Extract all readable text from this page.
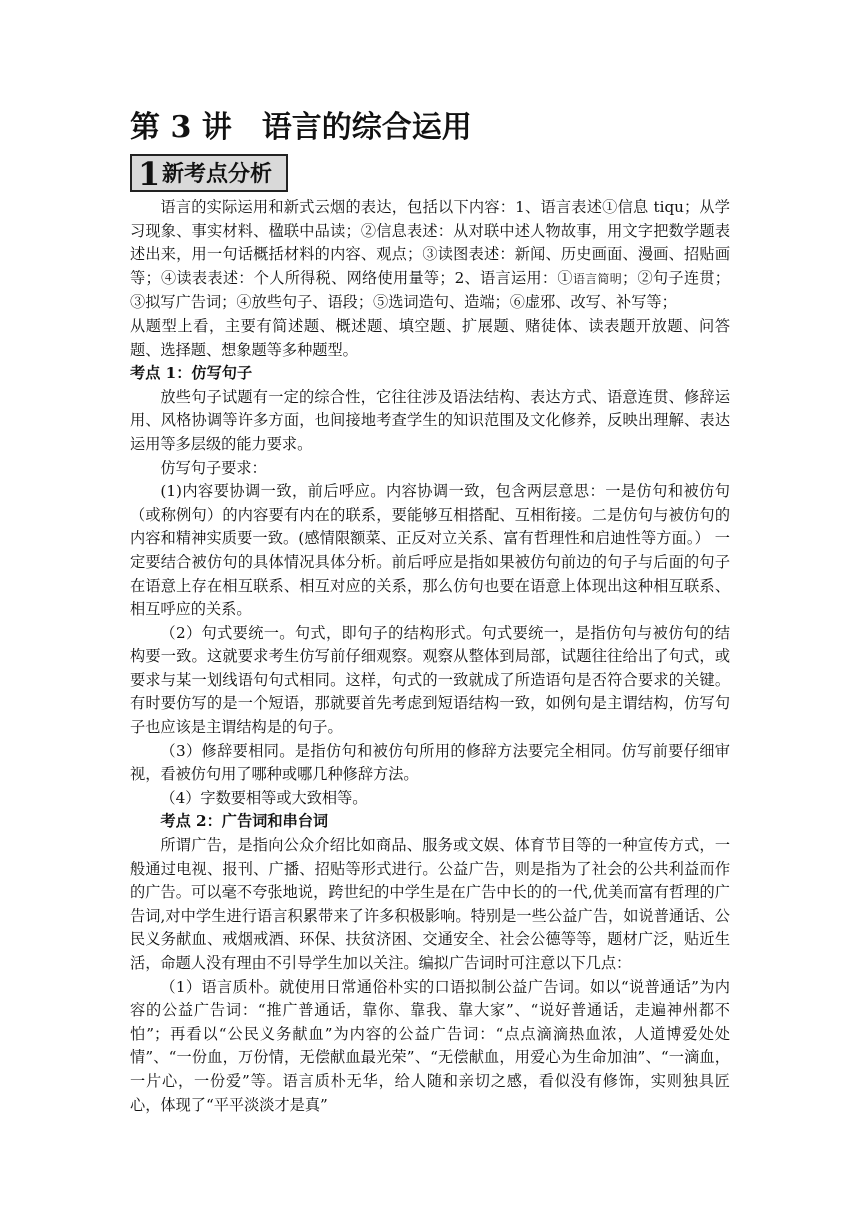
第 3 讲　语言的综合运用
1 新考点分析

语言的实际运用和新式云烟的表达，包括以下内容：1、语言表述①信息 tiqu；从学习现象、事实材料、楹联中品读；②信息表述：从对联中述人物故事，用文字把数学题表述出来，用一句话概括材料的内容、观点；③读图表述：新闻、历史画面、漫画、招贴画等；④读表表述：个人所得税、网络使用量等；2、语言运用：①语言简明；②句子连贯；③拟写广告词；④放些句子、语段；⑤选词造句、造端；⑥虚邪、改写、补写等；

从题型上看，主要有简述题、概述题、填空题、扩展题、赌徒体、读表题开放题、问答题、选择题、想象题等多种题型。

考点 1：仿写句子

放些句子试题有一定的综合性，它往往涉及语法结构、表达方式、语意连贯、修辞运用、风格协调等许多方面，也间接地考查学生的知识范围及文化修养，反映出理解、表达运用等多层级的能力要求。

仿写句子要求：

(1)内容要协调一致，前后呼应。内容协调一致，包含两层意思：一是仿句和被仿句（或称例句）的内容要有内在的联系，要能够互相搭配、互相衔接。二是仿句与被仿句的内容和精神实质要一致。(感情限额菜、正反对立关系、富有哲理性和启迪性等方面。） 一定要结合被仿句的具体情况具体分析。前后呼应是指如果被仿句前边的句子与后面的句子在语意上存在相互联系、相互对应的关系，那么仿句也要在语意上体现出这种相互联系、相互呼应的关系。

（2）句式要统一。句式，即句子的结构形式。句式要统一，是指仿句与被仿句的结构要一致。这就要求考生仿写前仔细观察。观察从整体到局部，试题往往给出了句式，或要求与某一划线语句句式相同。这样，句式的一致就成了所造语句是否符合要求的关键。有时要仿写的是一个短语，那就要首先考虑到短语结构一致，如例句是主谓结构，仿写句子也应该是主谓结构是的句子。

（3）修辞要相同。是指仿句和被仿句所用的修辞方法要完全相同。仿写前要仔细审视，看被仿句用了哪种或哪几种修辞方法。

（4）字数要相等或大致相等。

考点 2：广告词和串台词

所谓广告，是指向公众介绍比如商品、服务或文娱、体育节目等的一种宣传方式，一般通过电视、报刊、广播、招贴等形式进行。公益广告，则是指为了社会的公共利益而作的广告。可以毫不夸张地说，跨世纪的中学生是在广告中长的的一代,优美而富有哲理的广告词,对中学生进行语言积累带来了许多积极影响。特别是一些公益广告，如说普通话、公民义务献血、戒烟戒酒、环保、扶贫济困、交通安全、社会公德等等，题材广泛，贴近生活，命题人没有理由不引导学生加以关注。编拟广告词时可注意以下几点：

（1）语言质朴。就使用日常通俗朴实的口语拟制公益广告词。如以“说普通话”为内容的公益广告词：“推广普通话，靠你、靠我、靠大家”、“说好普通话，走遍神州都不怕”；再看以“公民义务献血”为内容的公益广告词：“点点滴滴热血浓，人道博爱处处情”、“一份血，万份情，无偿献血最光荣”、“无偿献血，用爱心为生命加油”、“一滴血，一片心，一份爱”等。语言质朴无华，给人随和亲切之感，看似没有修饰，实则独具匠心，体现了“平平淡淡才是真”
